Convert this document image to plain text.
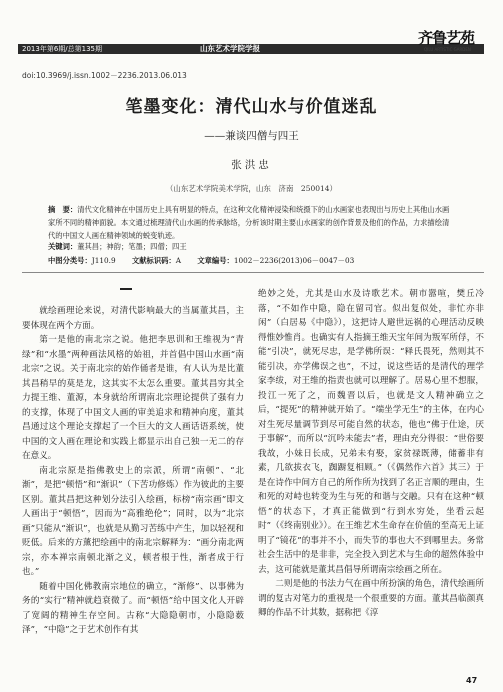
2013年第6期/总第135期	山东艺术学院学报
齐鲁艺苑
QILU ARTISTIC GARDEN
doi:10.3969/j.issn.1002－2236.2013.06.013
笔墨变化：清代山水与价值迷乱
——兼谈四僧与四王
张洪忠
（山东艺术学院美术学院，山东　济南　250014）
摘　要：清代文化精神在中国历史上具有明显的特点，在这种文化精神浸染和统摄下的山水画家也表现出与历史上其他山水画家所不同的精神面貌。本文通过梳理清代山水画的传承脉络，分析该时期主要山水画家的创作背景及他们的作品，力求描绘清代的中国文人画在精神领域的蜕变轨迹。
关键词：董其昌；神韵；笔墨；四僧；四王
中图分类号：J110.9 文献标识码：A 文章编号：1002－2236(2013)06－0047－03

就绘画理论来说，对清代影响最大的当属董其昌，主要体现在两个方面。

第一是他的南北宗之说。他把李思训和王维视为“青绿”和“水墨”两种画法风格的始祖，并首倡中国山水画“南北宗”之说。关于南北宗的始作俑者是谁，有人认为是比董其昌稍早的莫是龙，这其实不太怎么重要。董其昌穷其全力提王维、董源，本身就给所谓南北宗理论提供了强有力的支撑，体现了中国文人画的审美追求和精神向度，董其昌通过这个理论支撑起了一个巨大的文人画话语系统，使中国的文人画在理论和实践上都显示出自己独一无二的存在意义。

南北宗原是指佛教史上的宗派，所谓“南顿”、“北渐”，是把“顿悟”和“渐识”（下苦功修炼）作为彼此的主要区别。董其昌把这种划分法引入绘画，标榜“南宗画”即文人画出于“顿悟”，因而为“高雅绝伦”；同时，以为“北宗画”只能从“渐识”，也就是从勤习苦练中产生，加以轻视和贬低。后来的方薰把绘画中的南北宗解释为：“画分南北两宗，亦本禅宗南顿北渐之义，顿者根于性，渐者成于行也。”

随着中国化佛教南宗地位的确立，“渐修”、以事佛为务的“实行”精神就趋衰微了。而“顿悟”给中国文化人开辟了宽阔的精神生存空间。古称“大隐隐朝市，小隐隐薮泽”，“中隐”之于艺术创作有其

绝妙之处，尤其是山水及诗歌艺术。朝市嚣喧，樊丘冷落，“不如作中隐，隐在留司官。似出复似处，非忙亦非闲”（白居易《中隐》），这把诗人避世远祸的心理活动反映得惟妙惟肖。也确实有人指摘王维天宝年间为叛军所俘，不能“引决”，就死尽忠，是学佛所误：“释氏畏死，然则其不能引决，亦学佛误之也”，不过，说这些话的是清代的理学家李绂，对王维的指责也就可以理解了。居易心里不想服，投江一死了之，而魏晋以后，也就是文人精神确立之后，“提死”的精神就开始了。“端坐学无生”的主体，在内心对生死尽量调节到尽可能自然的状态，他也“佛于仕途，厌于事解”，而所以“沉吟未能去”者，理由充分得很：“世俗要我故，小妹日长成，兄弟未有娶，家贫禄既薄，储蓄非有素，几欲拔衣飞，踟蹰复相顾。”（《偶然作六首》其三）于是在诗作中间方自己的所作所为找到了名正言顺的理由，生和死的对峙也转变为生与死的和谐与交融。只有在这种“顿悟”的状态下，才真正能做到“行到水穷处，坐看云起时”（《终南别业》）。在王维艺术生命存在价值的至高无上证明了“镜花”的事并不小，而失节的事也大不到哪里去。务常社会生活中的是非非，完全投入到艺术与生命的超然体验中去，这可能就是董其昌倡导所谓南宗绘画之所在。

二则是他的书法力气在画中所扮演的角色，清代绘画所谓的复古对笔力的重视是一个很重要的方面。董其昌临颜真卿的作品不计其数，据称把《淳

47
